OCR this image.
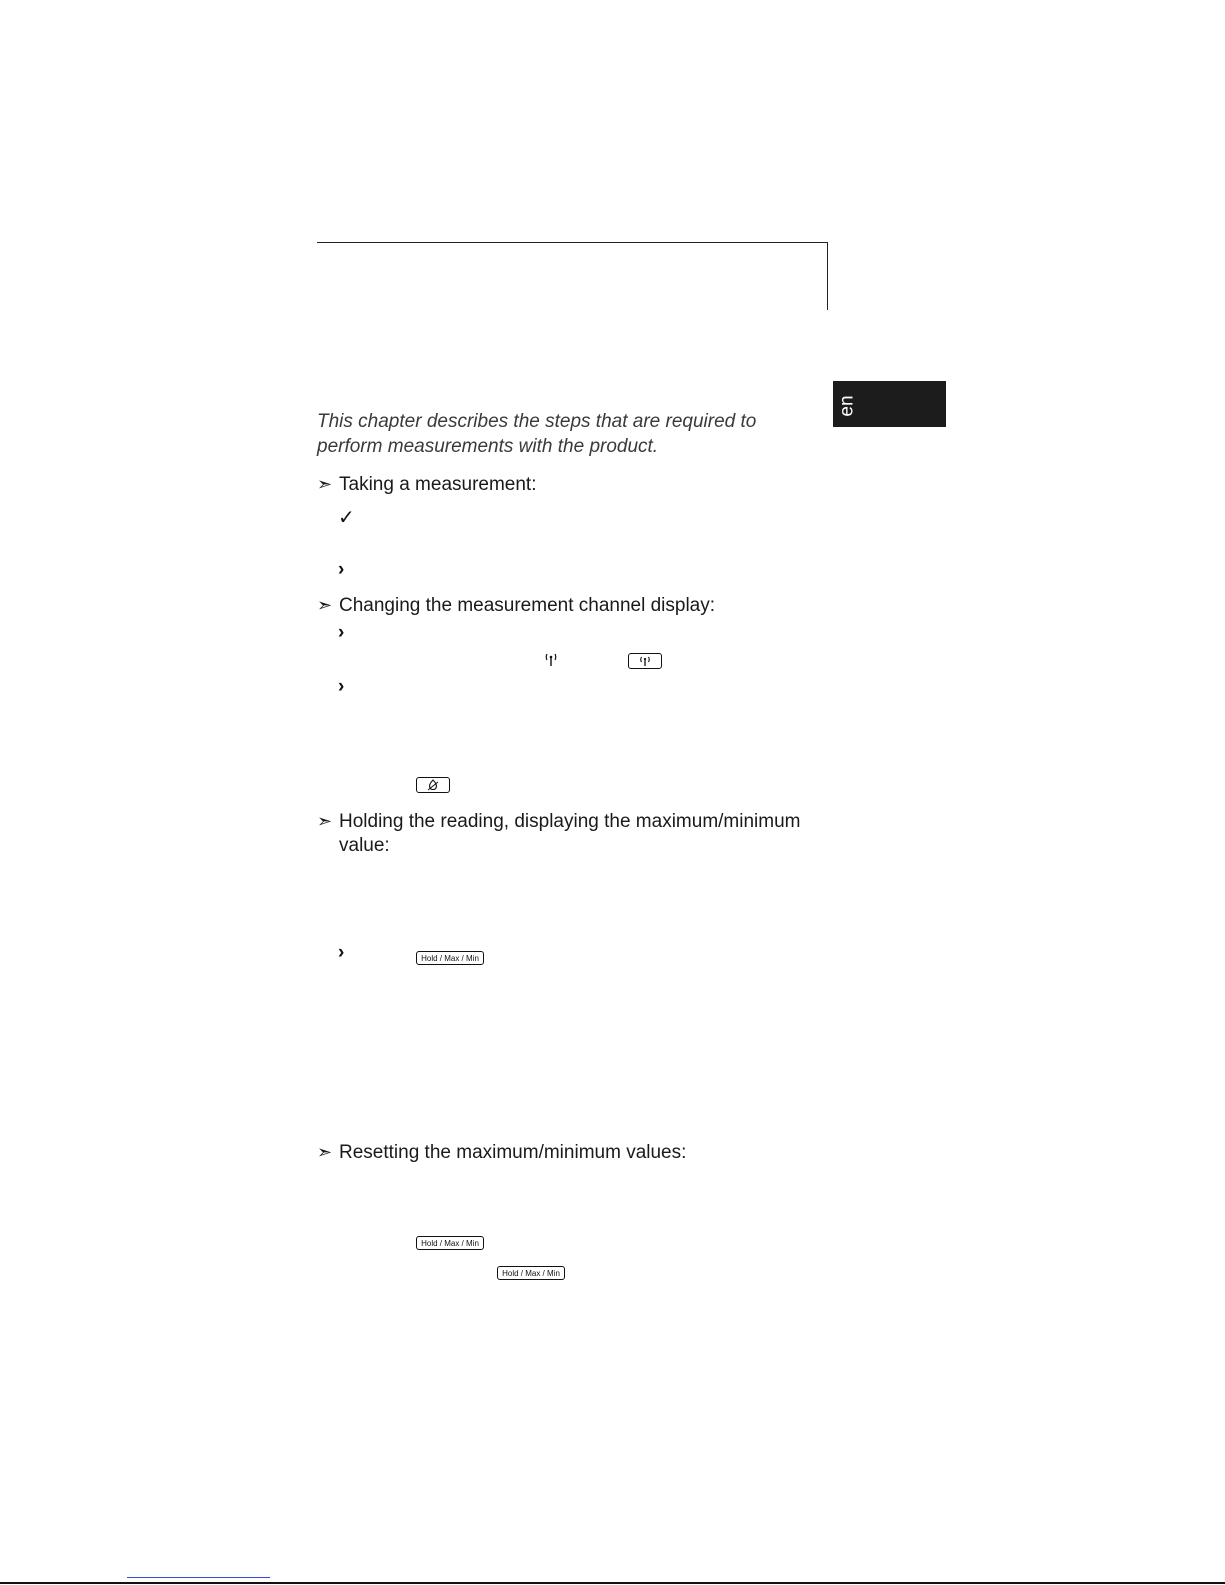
en
This chapter describes the steps that are required to perform measurements with the product.
➣ Taking a measurement:
✓
›
➣ Changing the measurement channel display:
›
›
➣ Holding the reading, displaying the maximum/minimum
value:
›	Hold / Max / Min
➣ Resetting the maximum/minimum values:
Hold / Max / Min
Hold / Max / Min
